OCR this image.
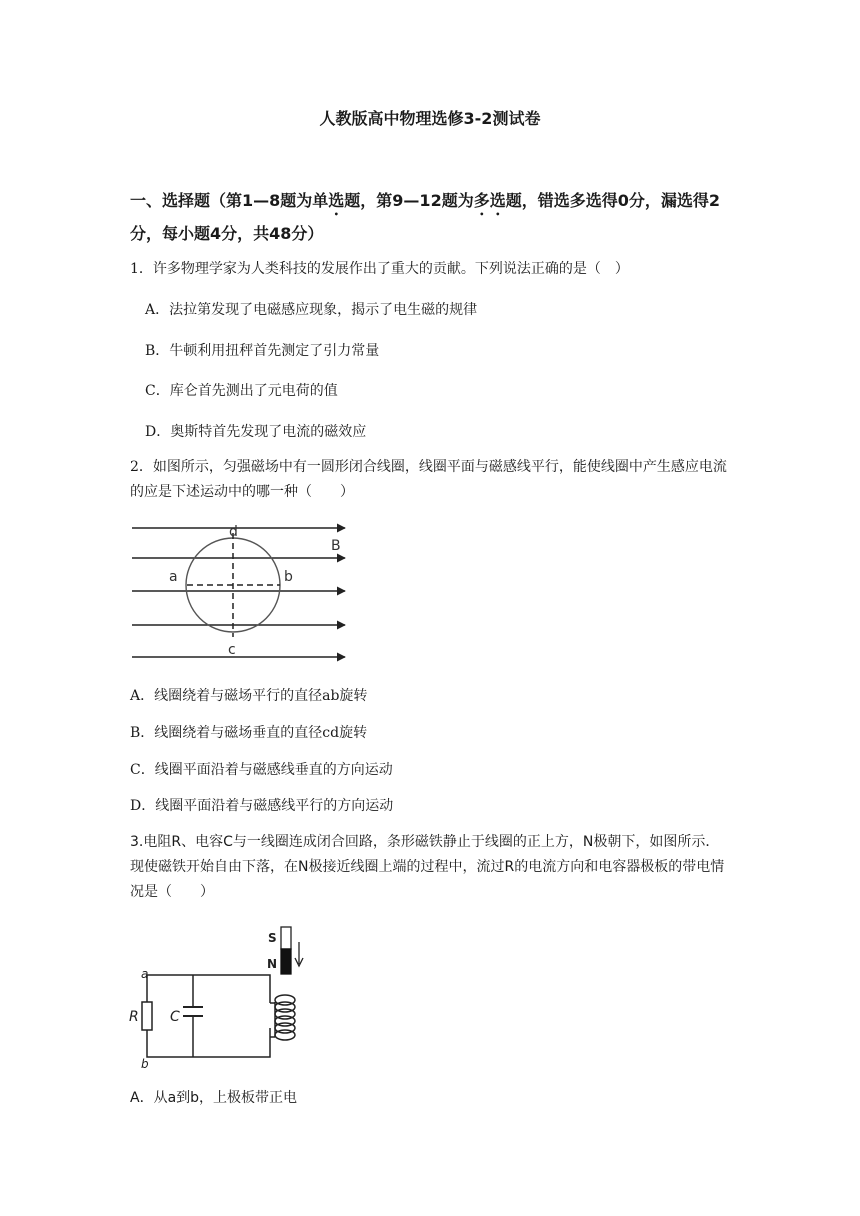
人教版高中物理选修3-2测试卷
一、选择题（第1—8题为单选题，第9—12题为多选题，错选多选得0分，漏选得2分，每小题4分，共48分）
1．许多物理学家为人类科技的发展作出了重大的贡献。下列说法正确的是（　）
A．法拉第发现了电磁感应现象，揭示了电生磁的规律
B．牛顿利用扭秤首先测定了引力常量
C．库仑首先测出了元电荷的值
D．奥斯特首先发现了电流的磁效应
2．如图所示，匀强磁场中有一圆形闭合线圈，线圈平面与磁感线平行，能使线圈中产生感应电流的应是下述运动中的哪一种（　　）
d
a	b
c
B
A．线圈绕着与磁场平行的直径ab旋转
B．线圈绕着与磁场垂直的直径cd旋转
C．线圈平面沿着与磁感线垂直的方向运动
D．线圈平面沿着与磁感线平行的方向运动
3.电阻R、电容C与一线圈连成闭合回路，条形磁铁静止于线圈的正上方，N极朝下，如图所示．现使磁铁开始自由下落，在N极接近线圈上端的过程中，流过R的电流方向和电容器极板的带电情况是（　　）
S
N
a
b
R C
A．从a到b，上极板带正电
